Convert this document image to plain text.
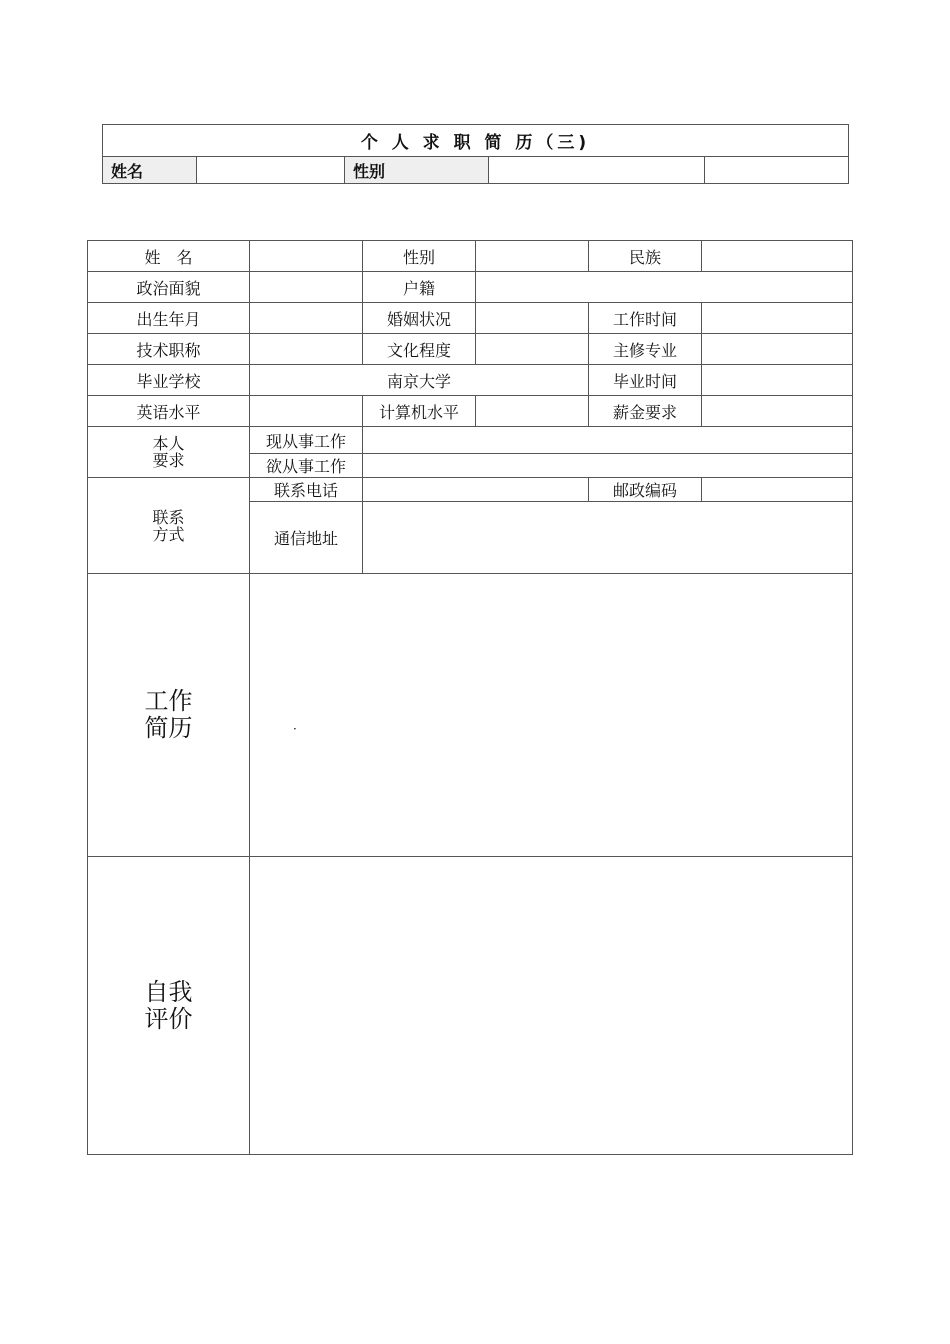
个 人 求 职 简 历（三)
姓名		性别		
姓　名		性别		民族	
政治面貌		户籍			
出生年月		婚姻状况		工作时间	
技术职称		文化程度		主修专业	
毕业学校	南京大学			毕业时间	
英语水平		计算机水平		薪金要求	
本人
要求	现从事工作				
	欲从事工作				
联系
方式	联系电话			邮政编码	
	通信地址				
工作
简历					
自我
评价					
·
